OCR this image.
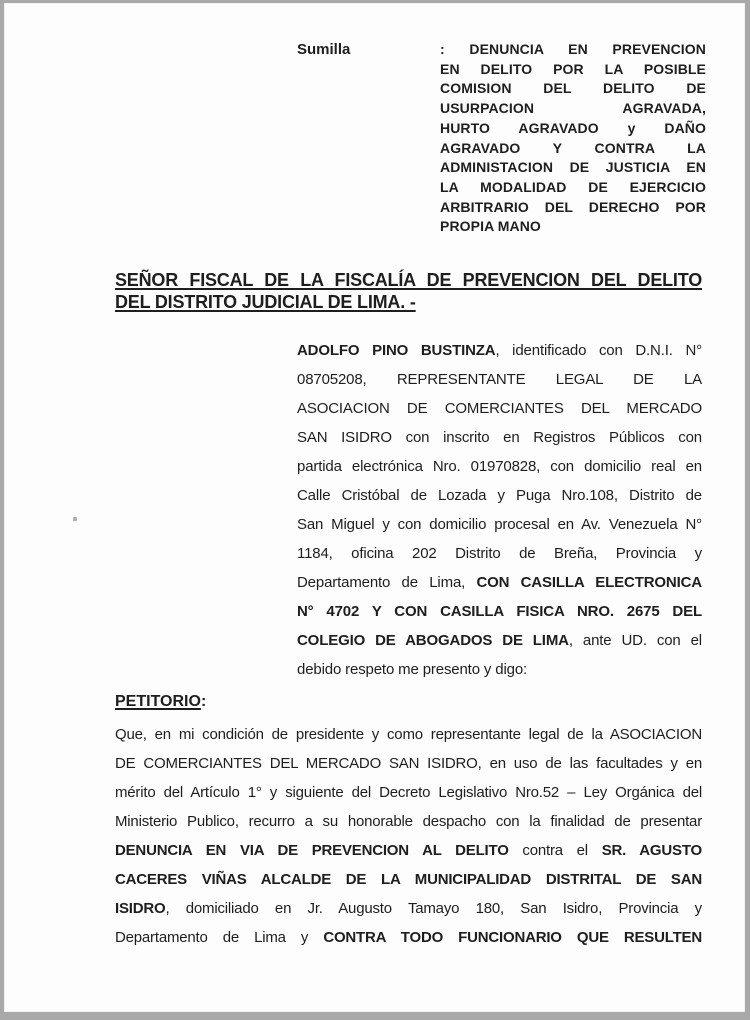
Sumilla	: DENUNCIA EN PREVENCION
EN DELITO POR LA POSIBLE
COMISION DEL DELITO DE
USURPACION AGRAVADA,
HURTO AGRAVADO y DAÑO
AGRAVADO Y CONTRA LA
ADMINISTACION DE JUSTICIA EN
LA MODALIDAD DE EJERCICIO
ARBITRARIO DEL DERECHO POR
PROPIA MANO
SEÑOR FISCAL DE LA FISCALÍA DE PREVENCION DEL DELITO
DEL DISTRITO JUDICIAL DE LIMA. -
ADOLFO PINO BUSTINZA, identificado con D.N.I. N°
08705208, REPRESENTANTE LEGAL DE LA
ASOCIACION DE COMERCIANTES DEL MERCADO
SAN ISIDRO con inscrito en Registros Públicos con
partida electrónica Nro. 01970828, con domicilio real en
Calle Cristóbal de Lozada y Puga Nro.108, Distrito de
San Miguel y con domicilio procesal en Av. Venezuela N°
1184, oficina 202 Distrito de Breña, Provincia y
Departamento de Lima, CON CASILLA ELECTRONICA
N° 4702 Y CON CASILLA FISICA NRO. 2675 DEL
COLEGIO DE ABOGADOS DE LIMA, ante UD. con el
debido respeto me presento y digo:
PETITORIO:
Que, en mi condición de presidente y como representante legal de la ASOCIACION
DE COMERCIANTES DEL MERCADO SAN ISIDRO, en uso de las facultades y en
mérito del Artículo 1° y siguiente del Decreto Legislativo Nro.52 – Ley Orgánica del
Ministerio Publico, recurro a su honorable despacho con la finalidad de presentar
DENUNCIA EN VIA DE PREVENCION AL DELITO contra el SR. AGUSTO
CACERES VIÑAS ALCALDE DE LA MUNICIPALIDAD DISTRITAL DE SAN
ISIDRO, domiciliado en Jr. Augusto Tamayo 180, San Isidro, Provincia y
Departamento de Lima y CONTRA TODO FUNCIONARIO QUE RESULTEN
